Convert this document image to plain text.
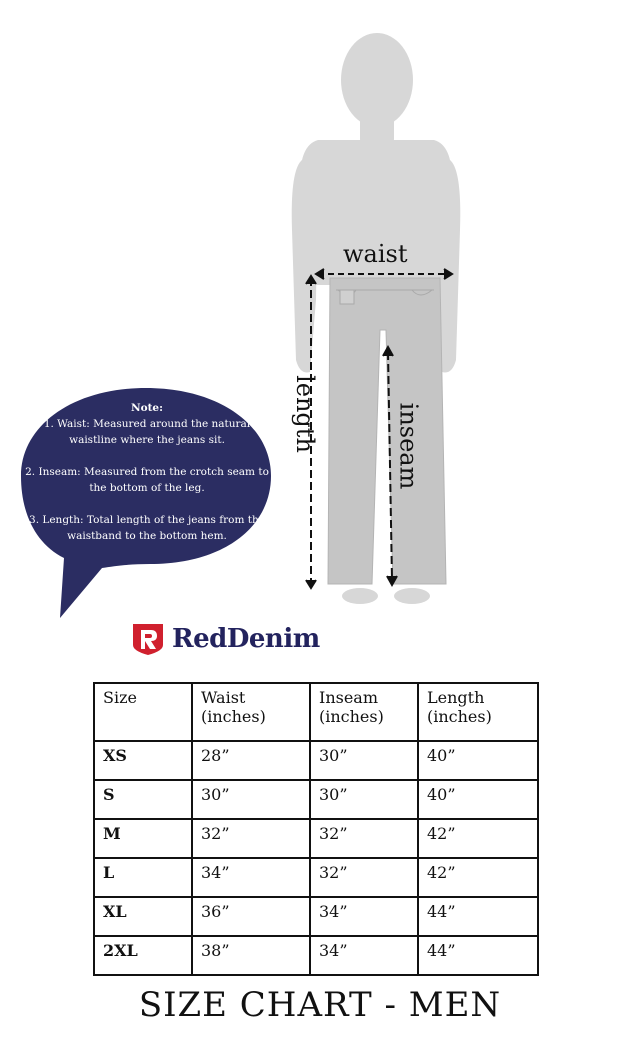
waist
length	inseam

Note:

1. Waist: Measured around the natural waistline where the jeans sit.

2. Inseam: Measured from the crotch seam to the bottom of the leg.

3. Length: Total length of the jeans from the waistband to the bottom hem.

RedDenim
Size	Waist (inches)	Inseam (inches)	Length (inches)
XS	28”	30”	40”
S	30”	30”	40”
M	32”	32”	42”
L	34”	32”	42”
XL	36”	34”	44”
2XL	38”	34”	44”
SIZE CHART - MEN
